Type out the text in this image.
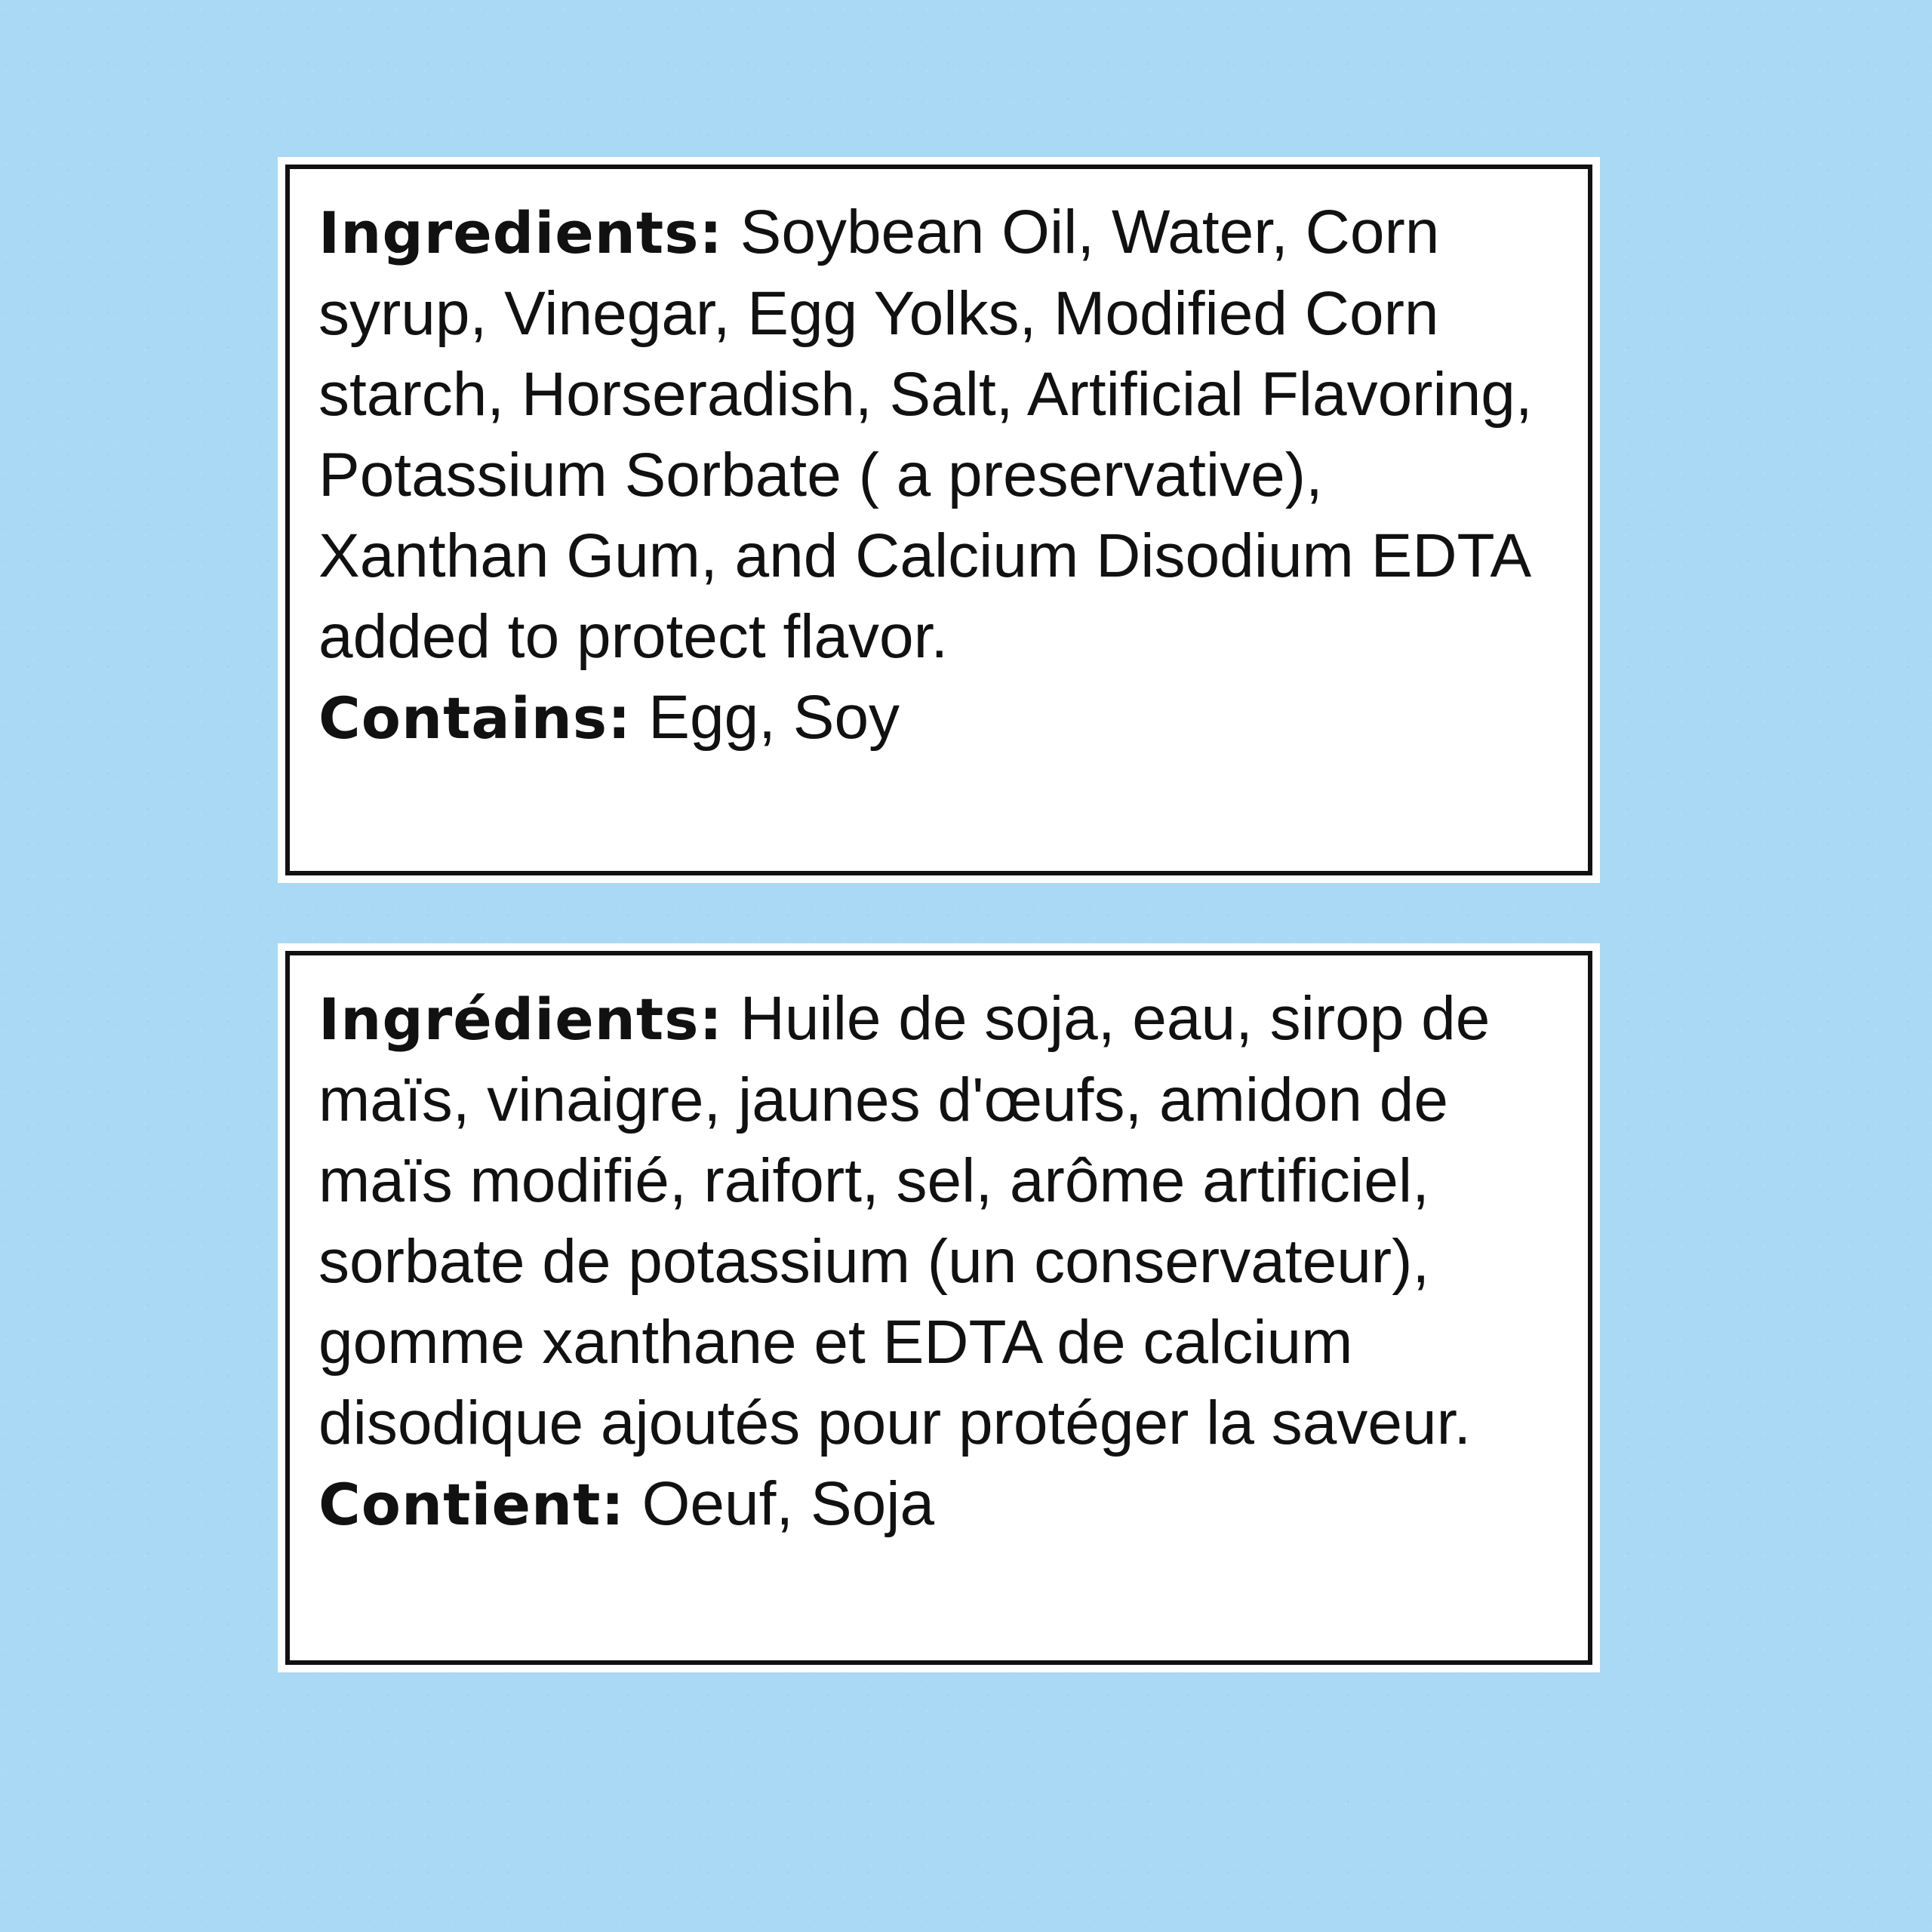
Ingredients: Soybean Oil, Water, Corn syrup, Vinegar, Egg Yolks, Modified Corn starch, Horseradish, Salt, Artificial Flavoring, Potassium Sorbate ( a preservative), Xanthan Gum, and Calcium Disodium EDTA added to protect flavor.

Contains: Egg, Soy

Ingrédients: Huile de soja, eau, sirop de maïs, vinaigre, jaunes d'œufs, amidon de maïs modifié, raifort, sel, arôme artificiel, sorbate de potassium (un conservateur), gomme xanthane et EDTA de calcium disodique ajoutés pour protéger la saveur.

Contient: Oeuf, Soja
